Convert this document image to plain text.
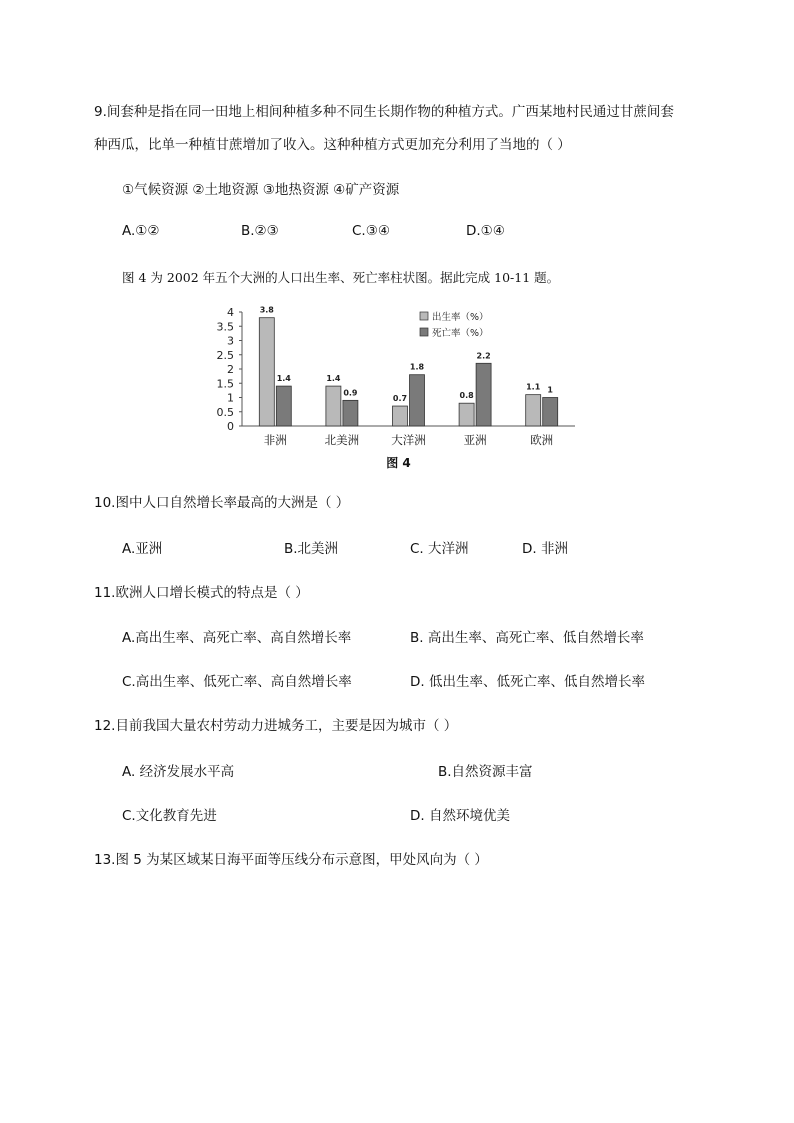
9.间套种是指在同一田地上相间种植多种不同生长期作物的种植方式。广西某地村民通过甘蔗间套
种西瓜，比单一种植甘蔗增加了收入。这种种植方式更加充分利用了当地的（ ）
①气候资源 ②土地资源 ③地热资源 ④矿产资源
A.①②	B.②③	C.③④	D.①④
图 4 为 2002 年五个大洲的人口出生率、死亡率柱状图。据此完成 10-11 题。
0
0.5
1
1.5
2
2.5
3
3.5
4
非洲	北美洲	大洋洲	亚洲	欧洲
图 4
3.8
1.4	1.4
0.9
0.7
1.8
0.8
2.2
1.1 1
出生率（%）
死亡率（%）
10.图中人口自然增长率最高的大洲是（ ）
A.亚洲	B.北美洲	C. 大洋洲	D. 非洲
11.欧洲人口增长模式的特点是（ ）
A.高出生率、高死亡率、高自然增长率	B. 高出生率、高死亡率、低自然增长率
C.高出生率、低死亡率、高自然增长率	D. 低出生率、低死亡率、低自然增长率
12.目前我国大量农村劳动力进城务工，主要是因为城市（ ）
A. 经济发展水平高	B.自然资源丰富
C.文化教育先进	D. 自然环境优美
13.图 5 为某区域某日海平面等压线分布示意图，甲处风向为（ ）
